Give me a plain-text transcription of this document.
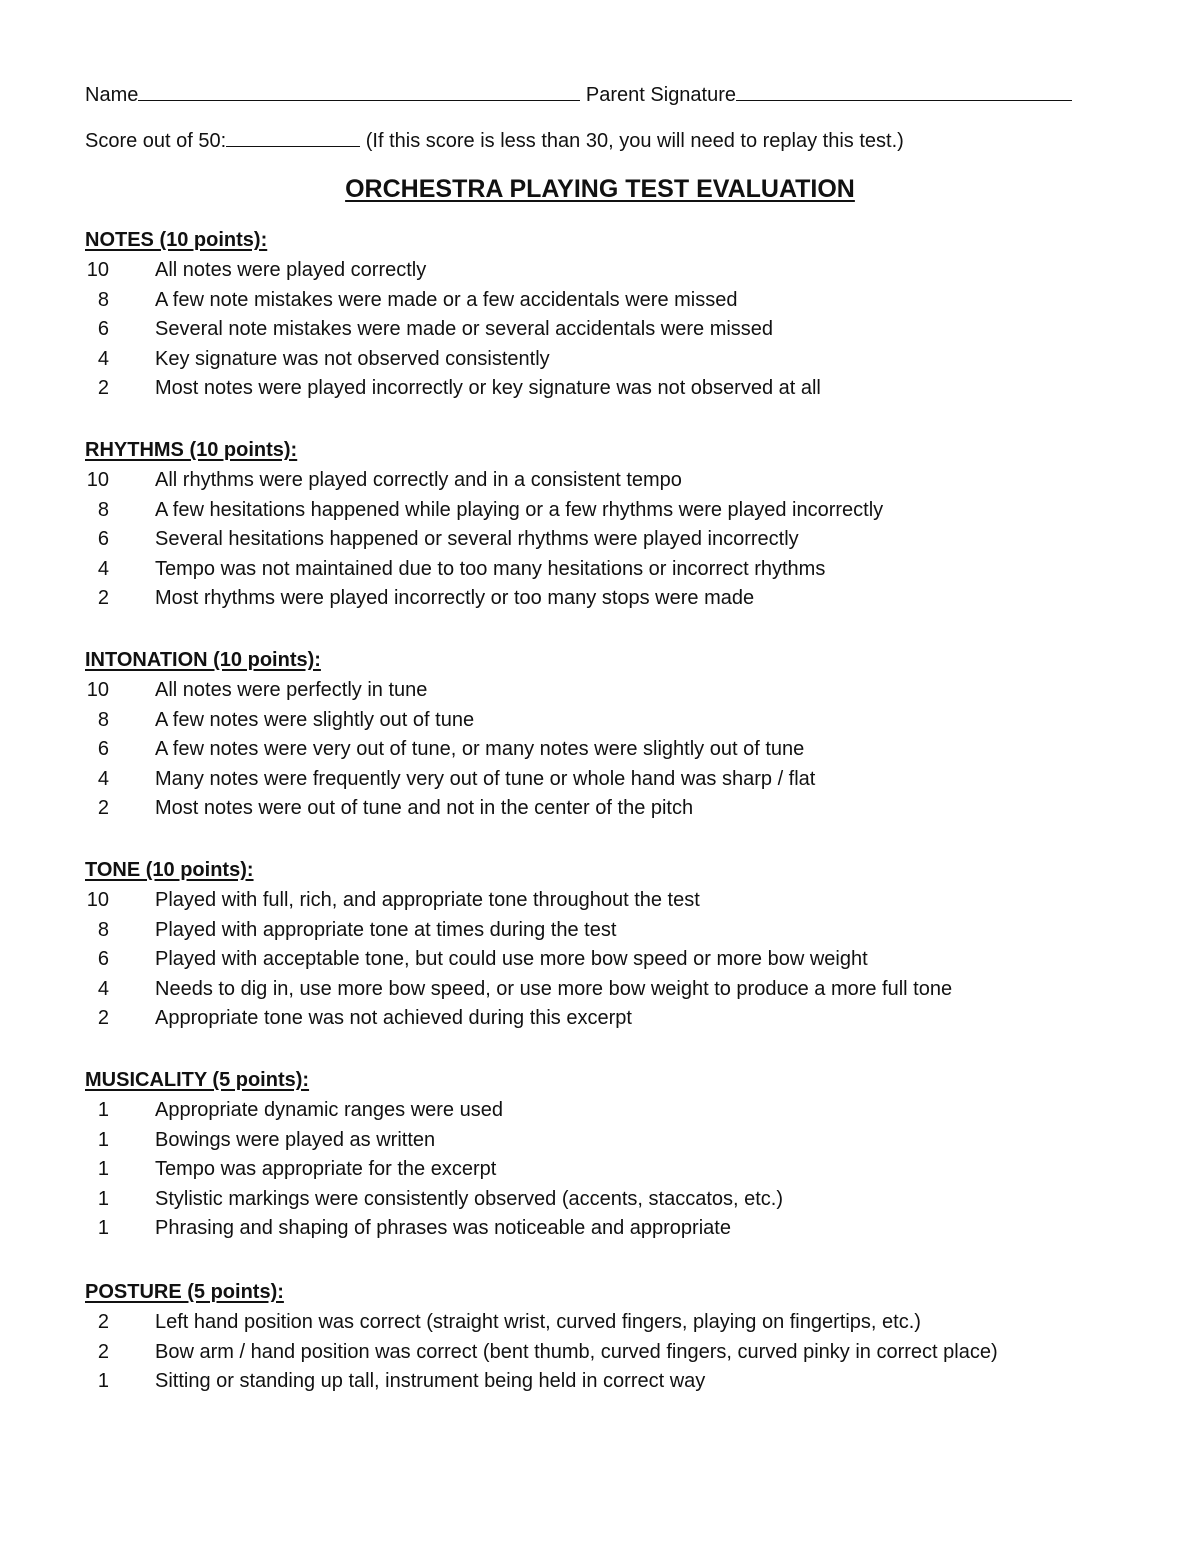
Name	Parent Signature
Score out of 50:	(If this score is less than 30, you will need to replay this test.)
ORCHESTRA PLAYING TEST EVALUATION
NOTES (10 points):
10	All notes were played correctly
8	A few note mistakes were made or a few accidentals were missed
6	Several note mistakes were made or several accidentals were missed
4	Key signature was not observed consistently
2	Most notes were played incorrectly or key signature was not observed at all
RHYTHMS (10 points):
10	All rhythms were played correctly and in a consistent tempo
8	A few hesitations happened while playing or a few rhythms were played incorrectly
6	Several hesitations happened or several rhythms were played incorrectly
4	Tempo was not maintained due to too many hesitations or incorrect rhythms
2	Most rhythms were played incorrectly or too many stops were made
INTONATION (10 points):
10	All notes were perfectly in tune
8	A few notes were slightly out of tune
6	A few notes were very out of tune, or many notes were slightly out of tune
4	Many notes were frequently very out of tune or whole hand was sharp / flat
2	Most notes were out of tune and not in the center of the pitch
TONE (10 points):
10	Played with full, rich, and appropriate tone throughout the test
8	Played with appropriate tone at times during the test
6	Played with acceptable tone, but could use more bow speed or more bow weight
4	Needs to dig in, use more bow speed, or use more bow weight to produce a more full tone
2	Appropriate tone was not achieved during this excerpt
MUSICALITY (5 points):
1	Appropriate dynamic ranges were used
1	Bowings were played as written
1	Tempo was appropriate for the excerpt
1	Stylistic markings were consistently observed (accents, staccatos, etc.)
1	Phrasing and shaping of phrases was noticeable and appropriate
POSTURE (5 points):
2	Left hand position was correct (straight wrist, curved fingers, playing on fingertips, etc.)
2	Bow arm / hand position was correct (bent thumb, curved fingers, curved pinky in correct place)
1	Sitting or standing up tall, instrument being held in correct way
